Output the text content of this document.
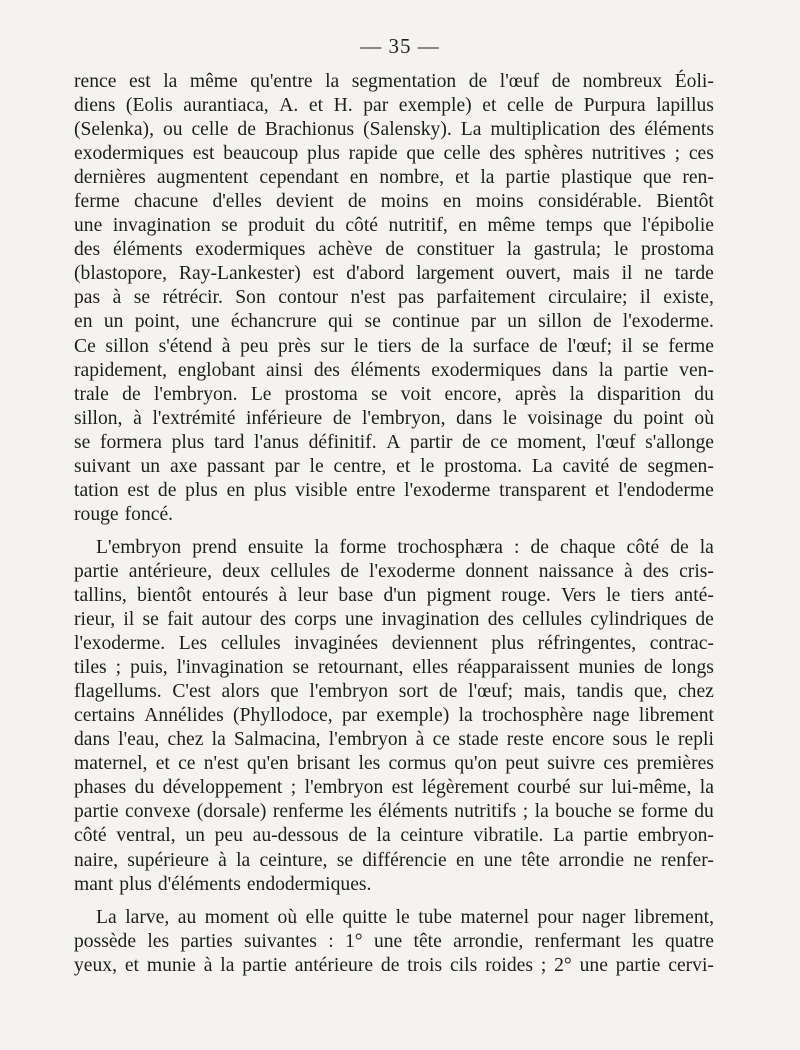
— 35 —
rence est la même qu'entre la segmentation de l'œuf de nombreux Éoli-
diens (Eolis aurantiaca, A. et H. par exemple) et celle de Purpura lapillus
(Selenka), ou celle de Brachionus (Salensky). La multiplication des éléments
exodermiques est beaucoup plus rapide que celle des sphères nutritives ; ces
dernières augmentent cependant en nombre, et la partie plastique que ren-
ferme chacune d'elles devient de moins en moins considérable. Bientôt
une invagination se produit du côté nutritif, en même temps que l'épibolie
des éléments exodermiques achève de constituer la gastrula; le prostoma
(blastopore, Ray-Lankester) est d'abord largement ouvert, mais il ne tarde
pas à se rétrécir. Son contour n'est pas parfaitement circulaire; il existe,
en un point, une échancrure qui se continue par un sillon de l'exoderme.
Ce sillon s'étend à peu près sur le tiers de la surface de l'œuf; il se ferme
rapidement, englobant ainsi des éléments exodermiques dans la partie ven-
trale de l'embryon. Le prostoma se voit encore, après la disparition du
sillon, à l'extrémité inférieure de l'embryon, dans le voisinage du point où
se formera plus tard l'anus définitif. A partir de ce moment, l'œuf s'allonge
suivant un axe passant par le centre, et le prostoma. La cavité de segmen-
tation est de plus en plus visible entre l'exoderme transparent et l'endoderme
rouge foncé.
L'embryon prend ensuite la forme trochosphæra : de chaque côté de la
partie antérieure, deux cellules de l'exoderme donnent naissance à des cris-
tallins, bientôt entourés à leur base d'un pigment rouge. Vers le tiers anté-
rieur, il se fait autour des corps une invagination des cellules cylindriques de
l'exoderme. Les cellules invaginées deviennent plus réfringentes, contrac-
tiles ; puis, l'invagination se retournant, elles réapparaissent munies de longs
flagellums. C'est alors que l'embryon sort de l'œuf; mais, tandis que, chez
certains Annélides (Phyllodoce, par exemple) la trochosphère nage librement
dans l'eau, chez la Salmacina, l'embryon à ce stade reste encore sous le repli
maternel, et ce n'est qu'en brisant les cormus qu'on peut suivre ces premières
phases du développement ; l'embryon est légèrement courbé sur lui-même, la
partie convexe (dorsale) renferme les éléments nutritifs ; la bouche se forme du
côté ventral, un peu au-dessous de la ceinture vibratile. La partie embryon-
naire, supérieure à la ceinture, se différencie en une tête arrondie ne renfer-
mant plus d'éléments endodermiques.
La larve, au moment où elle quitte le tube maternel pour nager librement,
possède les parties suivantes : 1° une tête arrondie, renfermant les quatre
yeux, et munie à la partie antérieure de trois cils roides ; 2° une partie cervi-
